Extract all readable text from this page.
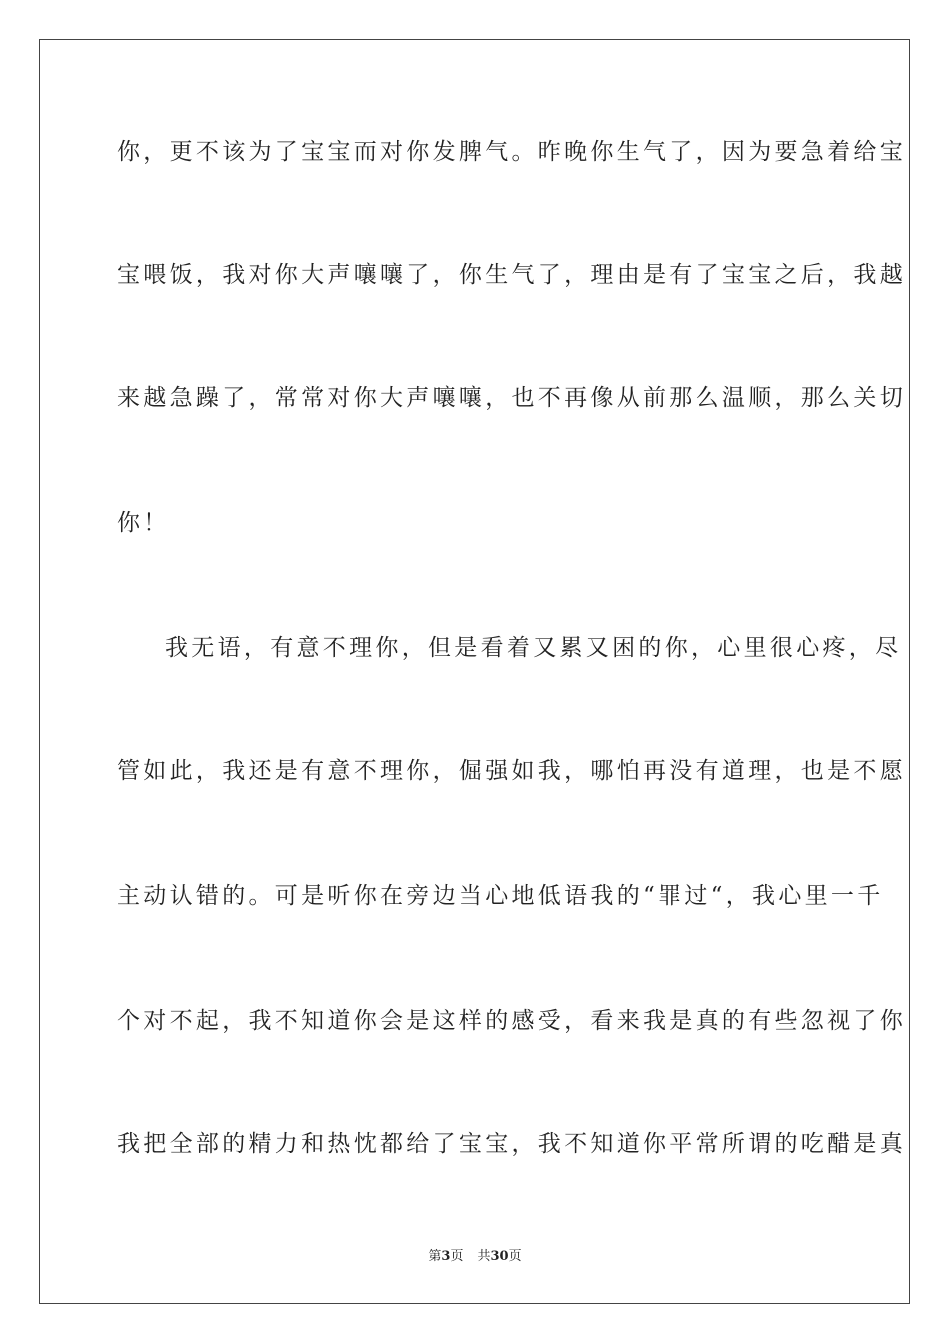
你，更不该为了宝宝而对你发脾气。昨晚你生气了，因为要急着给宝

宝喂饭，我对你大声嚷嚷了，你生气了，理由是有了宝宝之后，我越

来越急躁了，常常对你大声嚷嚷，也不再像从前那么温顺，那么关切

你！

我无语，有意不理你，但是看着又累又困的你，心里很心疼，尽

管如此，我还是有意不理你，倔强如我，哪怕再没有道理，也是不愿

主动认错的。可是听你在旁边当心地低语我的“罪过“，我心里一千

个对不起，我不知道你会是这样的感受，看来我是真的有些忽视了你

我把全部的精力和热忱都给了宝宝，我不知道你平常所谓的吃醋是真

第3页 共30页
